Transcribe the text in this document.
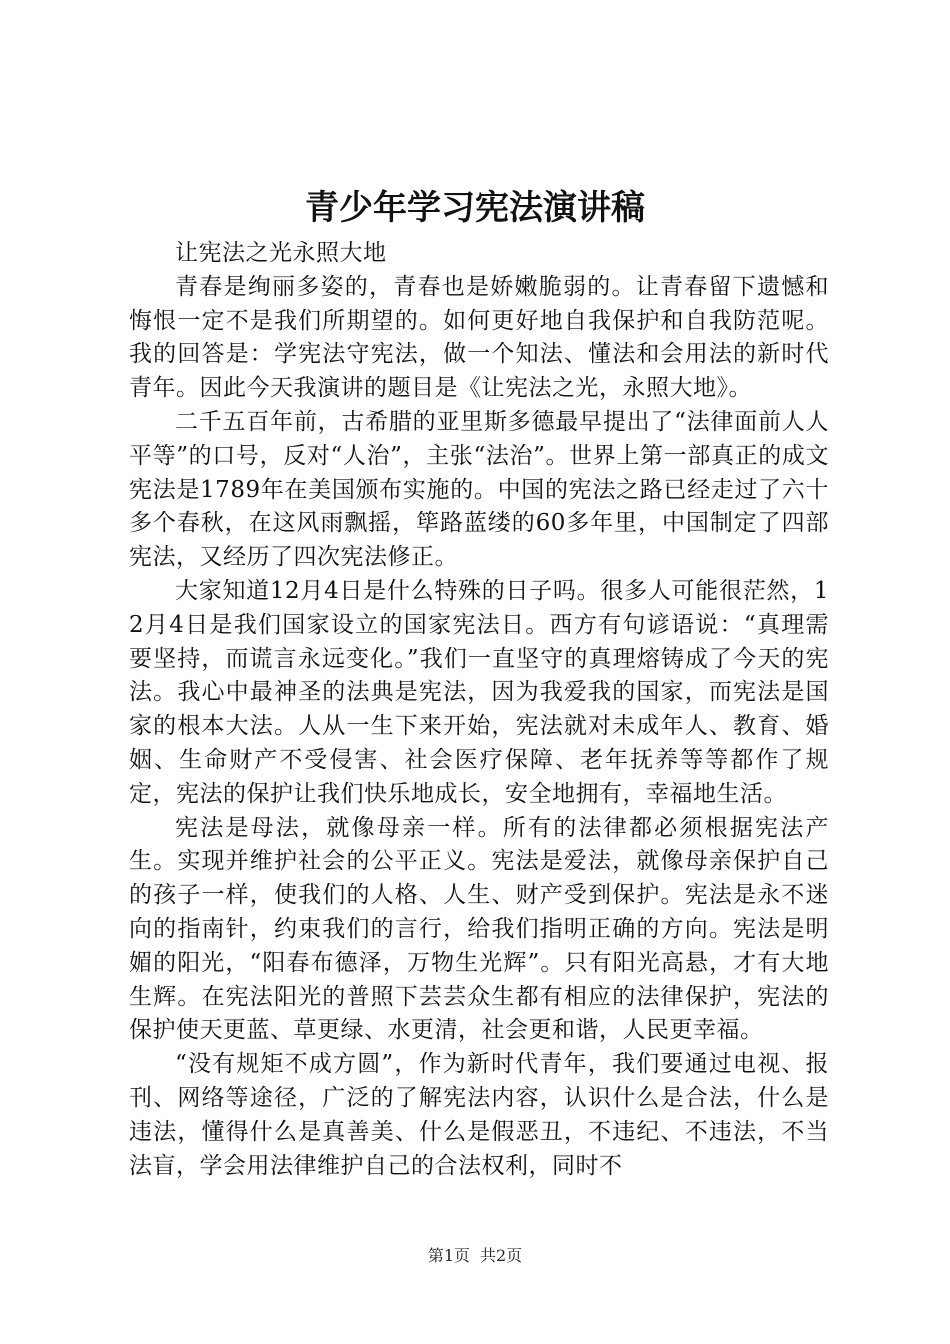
青少年学习宪法演讲稿

让宪法之光永照大地

青春是绚丽多姿的，青春也是娇嫩脆弱的。让青春留下遗憾和悔恨一定不是我们所期望的。如何更好地自我保护和自我防范呢。我的回答是：学宪法守宪法，做一个知法、懂法和会用法的新时代青年。因此今天我演讲的题目是《让宪法之光，永照大地》。

二千五百年前，古希腊的亚里斯多德最早提出了“法律面前人人平等”的口号，反对“人治”，主张“法治”。世界上第一部真正的成文宪法是1789年在美国颁布实施的。中国的宪法之路已经走过了六十多个春秋，在这风雨飘摇，筚路蓝缕的60多年里，中国制定了四部宪法，又经历了四次宪法修正。

大家知道12月4日是什么特殊的日子吗。很多人可能很茫然，12月4日是我们国家设立的国家宪法日。西方有句谚语说：“真理需要坚持，而谎言永远变化。”我们一直坚守的真理熔铸成了今天的宪法。我心中最神圣的法典是宪法，因为我爱我的国家，而宪法是国家的根本大法。人从一生下来开始，宪法就对未成年人、教育、婚姻、生命财产不受侵害、社会医疗保障、老年抚养等等都作了规定，宪法的保护让我们快乐地成长，安全地拥有，幸福地生活。

宪法是母法，就像母亲一样。所有的法律都必须根据宪法产生。实现并维护社会的公平正义。宪法是爱法，就像母亲保护自己的孩子一样，使我们的人格、人生、财产受到保护。宪法是永不迷向的指南针，约束我们的言行，给我们指明正确的方向。宪法是明媚的阳光，“阳春布德泽，万物生光辉”。只有阳光高悬，才有大地生辉。在宪法阳光的普照下芸芸众生都有相应的法律保护，宪法的保护使天更蓝、草更绿、水更清，社会更和谐，人民更幸福。

“没有规矩不成方圆”，作为新时代青年，我们要通过电视、报刊、网络等途径，广泛的了解宪法内容，认识什么是合法，什么是违法，懂得什么是真善美、什么是假恶丑，不违纪、不违法，不当法盲，学会用法律维护自己的合法权利，同时不

第1页 共2页
